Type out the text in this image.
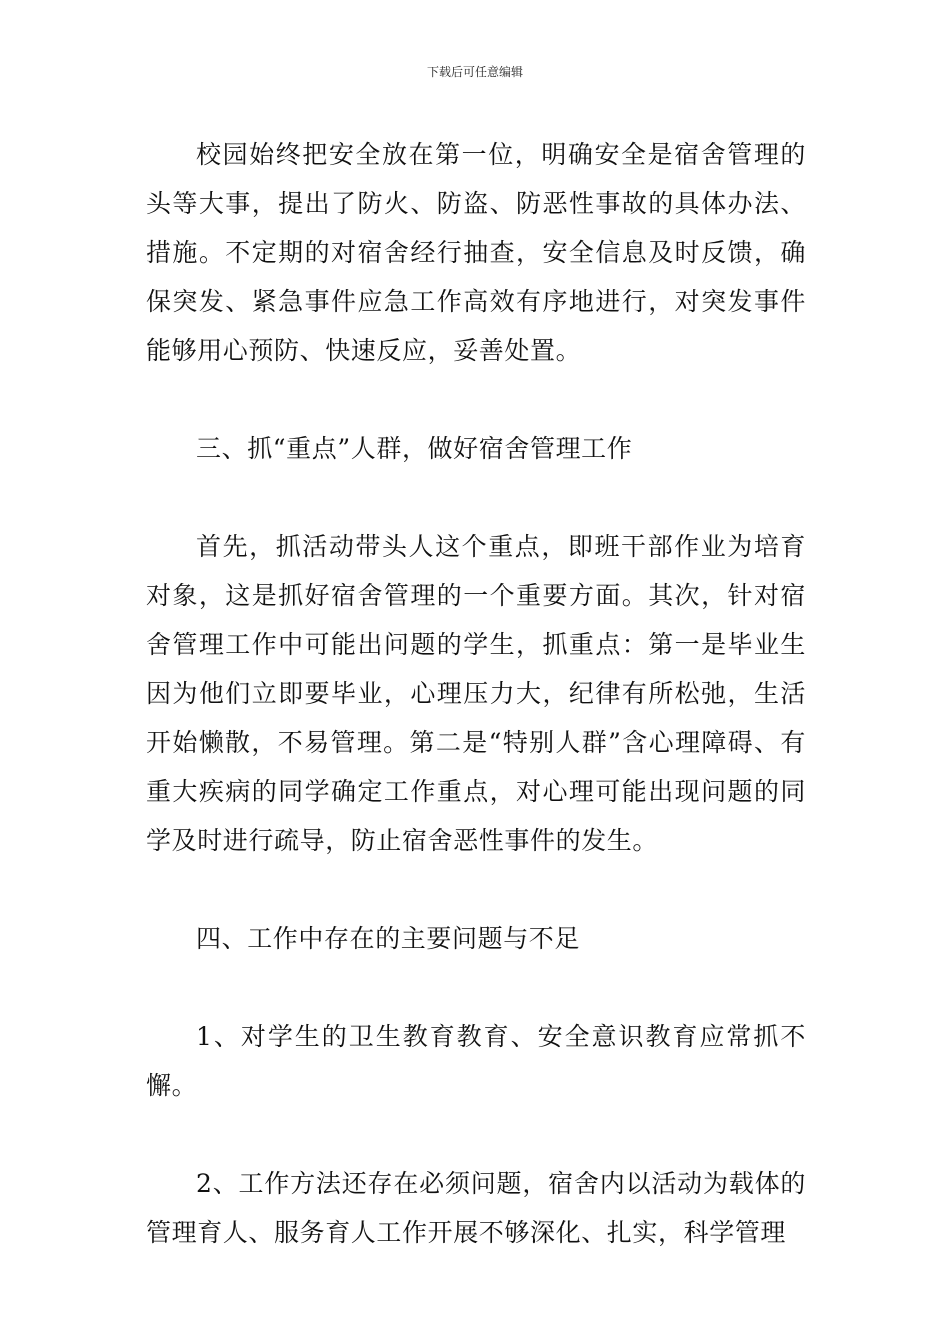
下载后可任意编辑

校园始终把安全放在第一位，明确安全是宿舍管理的头等大事，提出了防火、防盗、防恶性事故的具体办法、措施。不定期的对宿舍经行抽查，安全信息及时反馈，确保突发、紧急事件应急工作高效有序地进行，对突发事件能够用心预防、快速反应，妥善处置。

三、抓“重点”人群，做好宿舍管理工作

首先，抓活动带头人这个重点，即班干部作业为培育对象，这是抓好宿舍管理的一个重要方面。其次，针对宿舍管理工作中可能出问题的学生，抓重点：第一是毕业生因为他们立即要毕业，心理压力大，纪律有所松弛，生活开始懒散，不易管理。第二是“特别人群”含心理障碍、有重大疾病的同学确定工作重点，对心理可能出现问题的同学及时进行疏导，防止宿舍恶性事件的发生。

四、工作中存在的主要问题与不足

1、对学生的卫生教育教育、安全意识教育应常抓不懈。

2、工作方法还存在必须问题，宿舍内以活动为载体的管理育人、服务育人工作开展不够深化、扎实，科学管理
